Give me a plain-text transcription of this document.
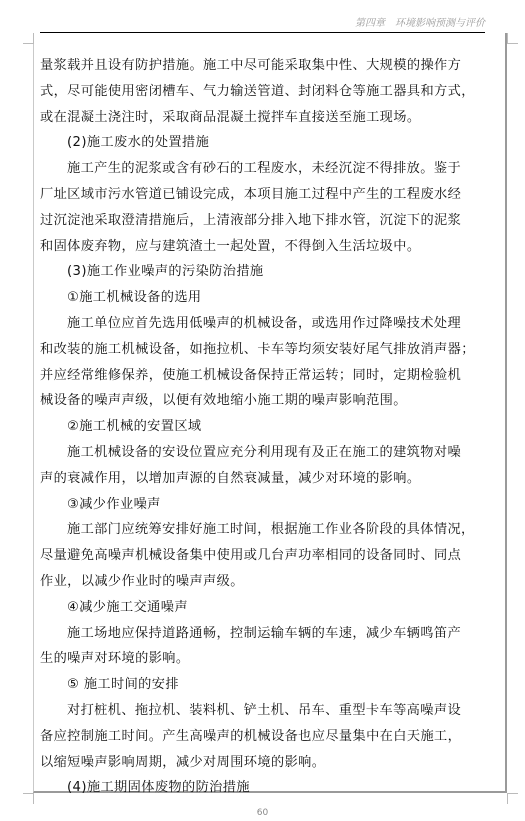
第四章　环境影响预测与评价
量浆载并且设有防护措施。施工中尽可能采取集中性、大规模的操作方
式，尽可能使用密闭槽车、气力输送管道、封闭料仓等施工器具和方式，
或在混凝土浇注时，采取商品混凝土搅拌车直接送至施工现场。
(2)施工废水的处置措施
施工产生的泥浆或含有砂石的工程废水，未经沉淀不得排放。鉴于
厂址区域市污水管道已铺设完成，本项目施工过程中产生的工程废水经
过沉淀池采取澄清措施后，上清液部分排入地下排水管，沉淀下的泥浆
和固体废弃物，应与建筑渣土一起处置，不得倒入生活垃圾中。
(3)施工作业噪声的污染防治措施
①施工机械设备的选用
施工单位应首先选用低噪声的机械设备，或选用作过降噪技术处理
和改装的施工机械设备，如拖拉机、卡车等均须安装好尾气排放消声器；
并应经常维修保养，使施工机械设备保持正常运转；同时，定期检验机
械设备的噪声声级，以便有效地缩小施工期的噪声影响范围。
②施工机械的安置区域
施工机械设备的安设位置应充分利用现有及正在施工的建筑物对噪
声的衰减作用，以增加声源的自然衰减量，减少对环境的影响。
③减少作业噪声
施工部门应统筹安排好施工时间，根据施工作业各阶段的具体情况，
尽量避免高噪声机械设备集中使用或几台声功率相同的设备同时、同点
作业，以减少作业时的噪声声级。
④减少施工交通噪声
施工场地应保持道路通畅，控制运输车辆的车速，减少车辆鸣笛产
生的噪声对环境的影响。
⑤ 施工时间的安排
对打桩机、拖拉机、装料机、铲土机、吊车、重型卡车等高噪声设
备应控制施工时间。产生高噪声的机械设备也应尽量集中在白天施工，
以缩短噪声影响周期，减少对周围环境的影响。
(4)施工期固体废物的防治措施
60
